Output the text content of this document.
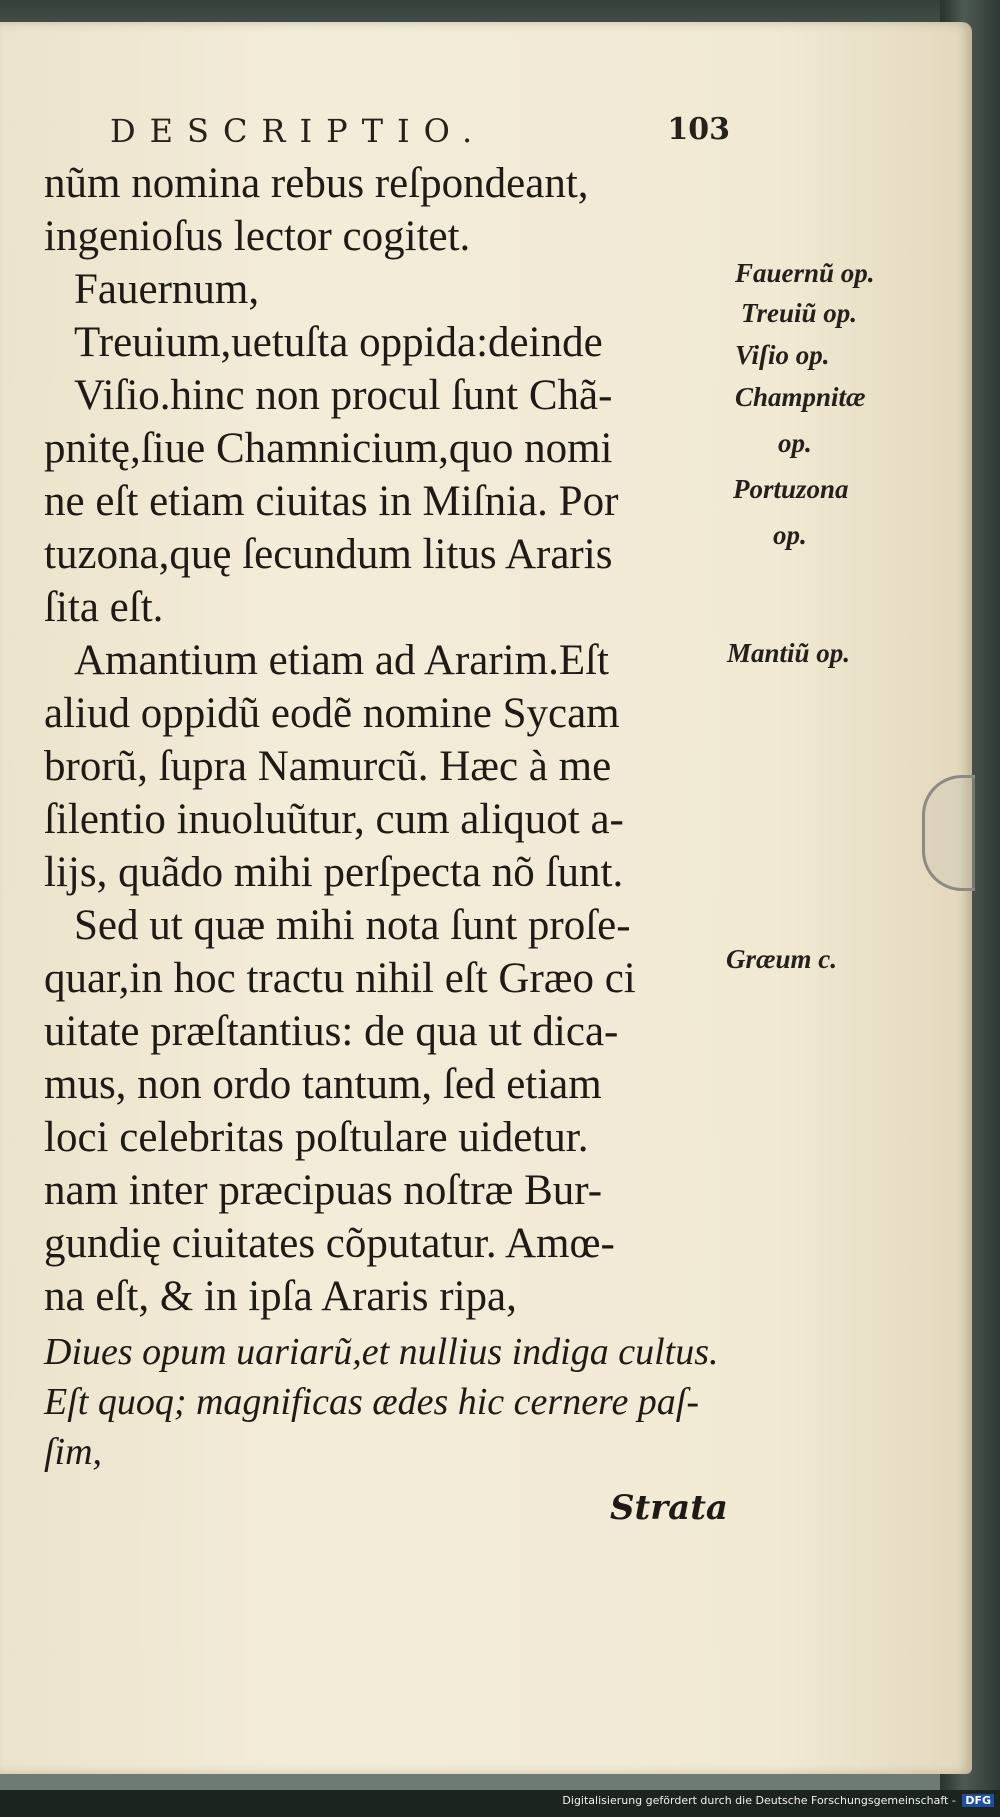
DESCRIPTIO.	103
nũm nomina rebus reſpondeant,
ingenioſus lector cogitet.
Fauernum,
Treuium,uetuſta oppida:deinde
Viſio.hinc non procul ſunt Chã-
pnitę,ſiue Chamnicium,quo nomi
ne eſt etiam ciuitas in Miſnia. Por
tuzona,quę ſecundum litus Araris
ſita eſt.
Amantium etiam ad Ararim.Eſt
aliud oppidũ eodẽ nomine Sycam
brorũ, ſupra Namurcũ. Hæc à me
ſilentio inuoluũtur, cum aliquot a-
lijs, quãdo mihi perſpecta nõ ſunt.
Sed ut quæ mihi nota ſunt proſe-
quar,in hoc tractu nihil eſt Græo ci
uitate præſtantius: de qua ut dica-
mus, non ordo tantum, ſed etiam
loci celebritas poſtulare uidetur.
nam inter præcipuas noſtræ Bur-
gundię ciuitates cõputatur. Amœ-
na eſt, & in ipſa Araris ripa,
Diues opum uariarũ,et nullius indiga cultus.
Eſt quoq; magnificas ædes hic cernere paſ-
ſim,
Strata
Fauernũ op.
Treuiũ op.
Viſio op.
Champnitæ
op.
Portuzona
op.
Mantiũ op.
Græum c.
Digitalisierung gefördert durch die Deutsche Forschungsgemeinschaft - DFG
